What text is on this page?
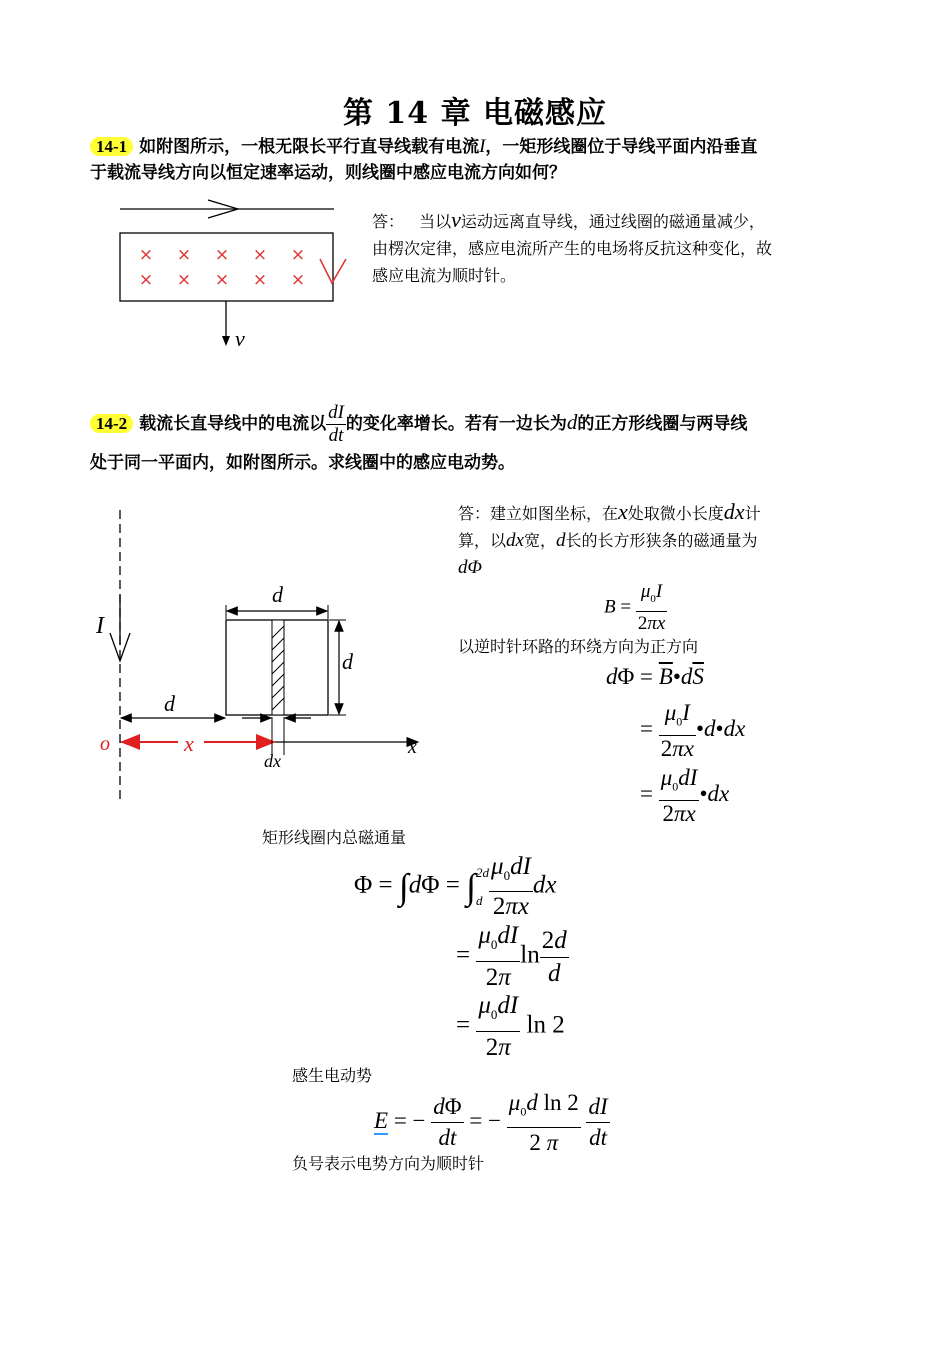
第 14 章 电磁感应
14-1 如附图所示，一根无限长平行直导线载有电流I，一矩形线圈位于导线平面内沿垂直
于载流导线方向以恒定速率运动，则线圈中感应电流方向如何？
× × × × ×
× × × × ×
v
答： 当以v运动远离直导线，通过线圈的磁通量减少，
由楞次定律，感应电流所产生的电场将反抗这种变化，故
感应电流为顺时针。
14-2 载流长直导线中的电流以 $\frac{dI}{dt}$ 的变化率增长。若有一边长为d的正方形线圈与两导线
处于同一平面内，如附图所示。求线圈中的感应电动势。
I
x
o	x
d
d
d
dx
答：建立如图坐标，在x处取微小长度dx计
算，以dx宽，d长的长方形狭条的磁通量为
dΦ
$B = \frac{\mu_0I}{2\pi x}$
以逆时针环路的环绕方向为正方向
$d\Phi = \overline{B}•d\overline{S}$
= $\frac{\mu_0I}{2\pi x}$ •d•dx
= $\frac{\mu_0dI}{2\pi x}$ •dx
矩形线圈内总磁通量
Φ = ∫dΦ = ∫ 2d
d $\frac{\mu_0dI}{2\pi x}$ dx
= $\frac{\mu_0dI}{2\pi}$ $\ln \frac{2d}{d}$
= $\frac{\mu_0dI}{2\pi}$ ln 2
感生电动势
E = − $\frac{d\Phi}{dt}$ = − $\frac{\mu_0d \ln 2}{2 \pi}$
$\frac{dI}{dt}$
负号表示电势方向为顺时针
